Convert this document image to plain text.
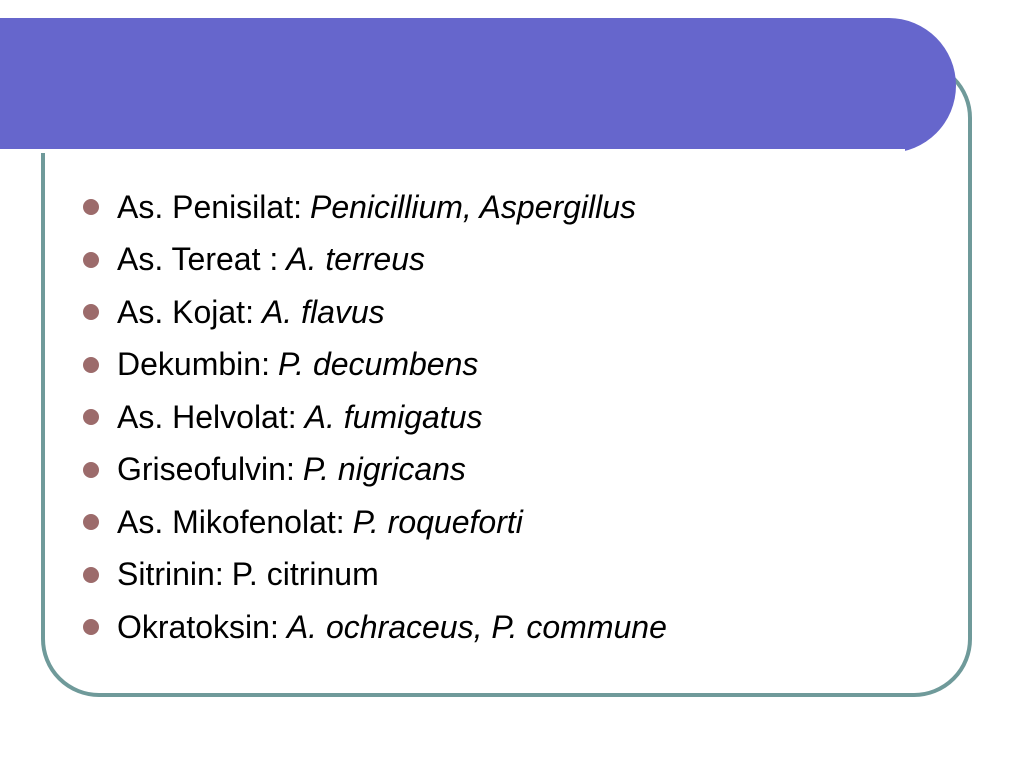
As. Penisilat: Penicillium, Aspergillus
As. Tereat : A. terreus
As. Kojat: A. flavus
Dekumbin: P. decumbens
As. Helvolat: A. fumigatus
Griseofulvin: P. nigricans
As. Mikofenolat: P. roqueforti
Sitrinin: P. citrinum
Okratoksin: A. ochraceus, P. commune
